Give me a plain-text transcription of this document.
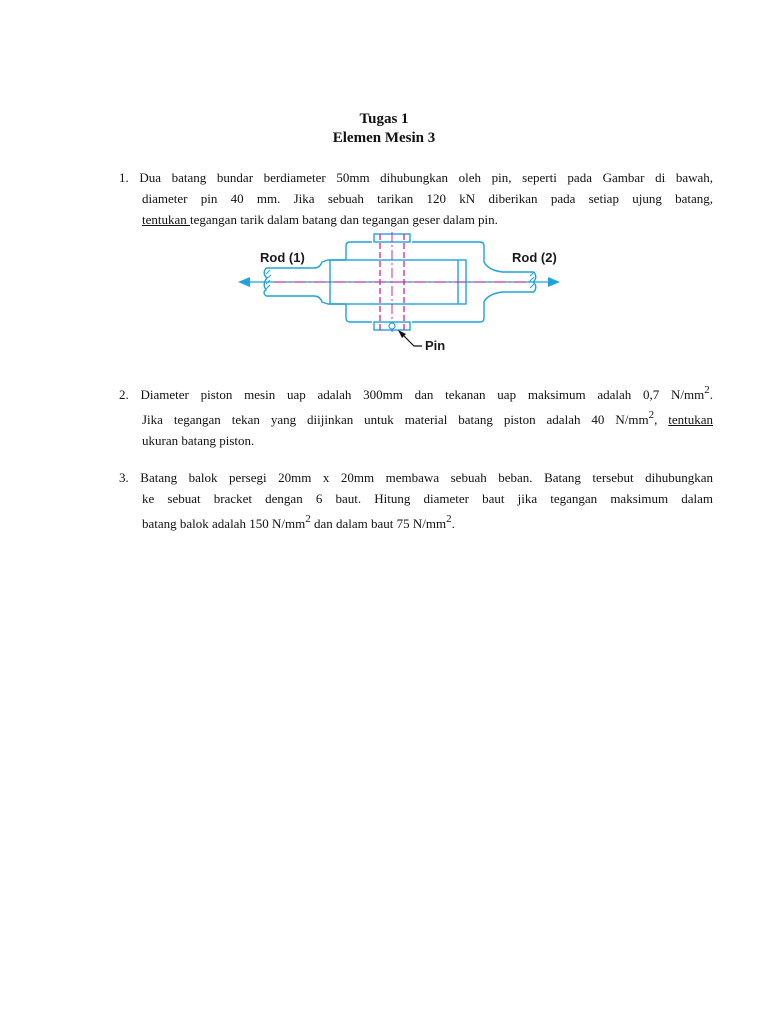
Tugas 1
Elemen Mesin 3
1. Dua batang bundar berdiameter 50mm dihubungkan oleh pin, seperti pada Gambar di bawah,
diameter pin 40 mm. Jika sebuah tarikan 120 kN diberikan pada setiap ujung batang,
tentukan tegangan tarik dalam batang dan tegangan geser dalam pin.
Rod (1)	Rod (2)
Pin
2. Diameter piston mesin uap adalah 300mm dan tekanan uap maksimum adalah 0,7 $N/mm^2$.
Jika tegangan tekan yang diijinkan untuk material batang piston adalah 40 $N/mm^2$, tentukan
ukuran batang piston.
3. Batang balok persegi 20mm x 20mm membawa sebuah beban. Batang tersebut dihubungkan
ke sebuat bracket dengan 6 baut. Hitung diameter baut jika tegangan maksimum dalam
batang balok adalah 150 $N/mm^2$ dan dalam baut 75 $N/mm^2$.
